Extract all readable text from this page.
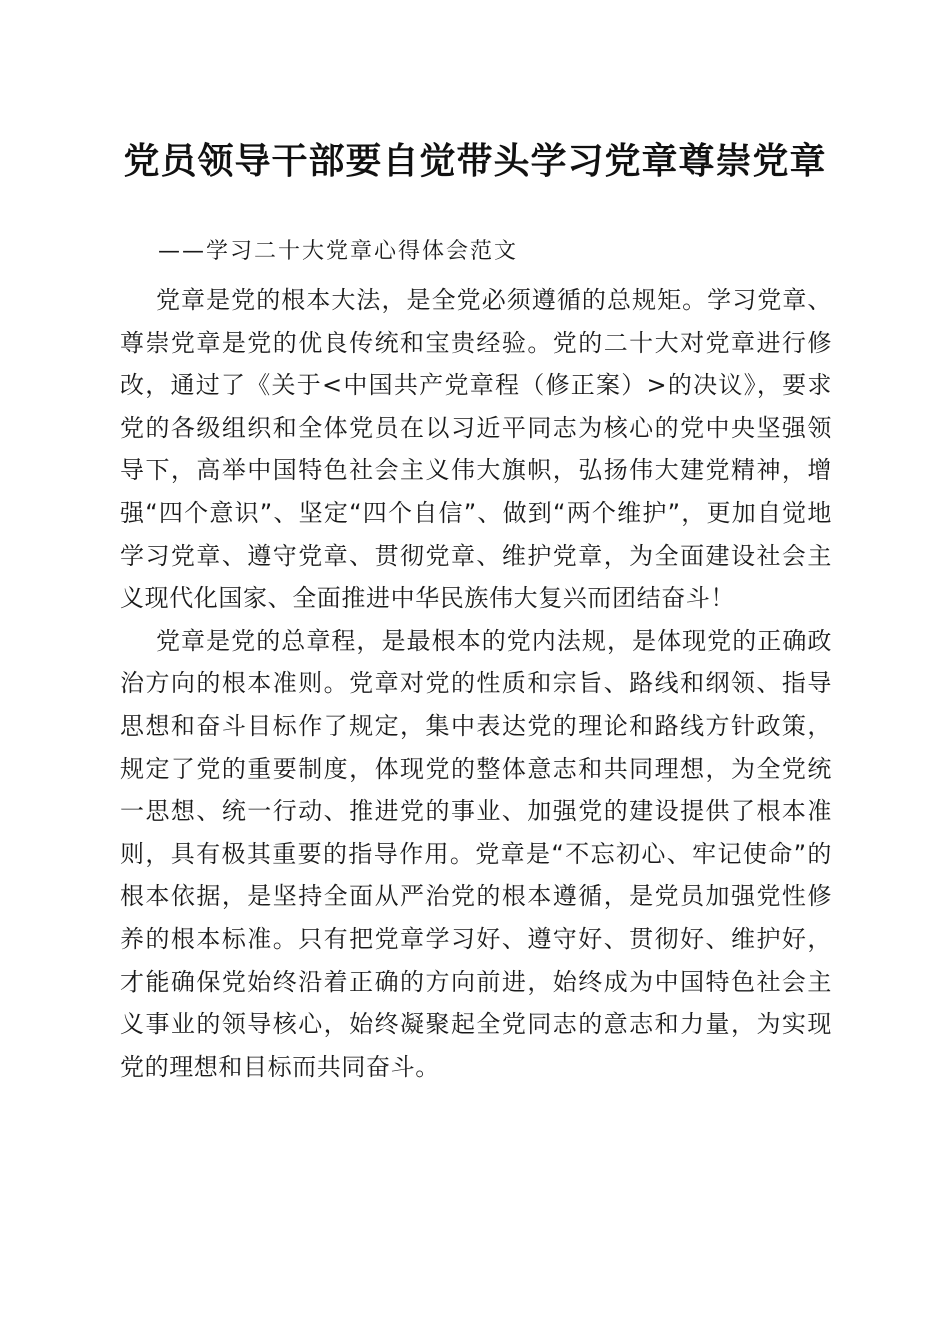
党员领导干部要自觉带头学习党章尊崇党章

——学习二十大党章心得体会范文

党章是党的根本大法，是全党必须遵循的总规矩。学习党章、尊崇党章是党的优良传统和宝贵经验。党的二十大对党章进行修改，通过了《关于<中国共产党章程（修正案）>的决议》，要求党的各级组织和全体党员在以习近平同志为核心的党中央坚强领导下，高举中国特色社会主义伟大旗帜，弘扬伟大建党精神，增强“四个意识”、坚定“四个自信”、做到“两个维护”，更加自觉地学习党章、遵守党章、贯彻党章、维护党章，为全面建设社会主义现代化国家、全面推进中华民族伟大复兴而团结奋斗！

党章是党的总章程，是最根本的党内法规，是体现党的正确政治方向的根本准则。党章对党的性质和宗旨、路线和纲领、指导思想和奋斗目标作了规定，集中表达党的理论和路线方针政策，规定了党的重要制度，体现党的整体意志和共同理想，为全党统一思想、统一行动、推进党的事业、加强党的建设提供了根本准则，具有极其重要的指导作用。党章是“不忘初心、牢记使命”的根本依据，是坚持全面从严治党的根本遵循，是党员加强党性修养的根本标准。只有把党章学习好、遵守好、贯彻好、维护好，才能确保党始终沿着正确的方向前进，始终成为中国特色社会主义事业的领导核心，始终凝聚起全党同志的意志和力量，为实现党的理想和目标而共同奋斗。
